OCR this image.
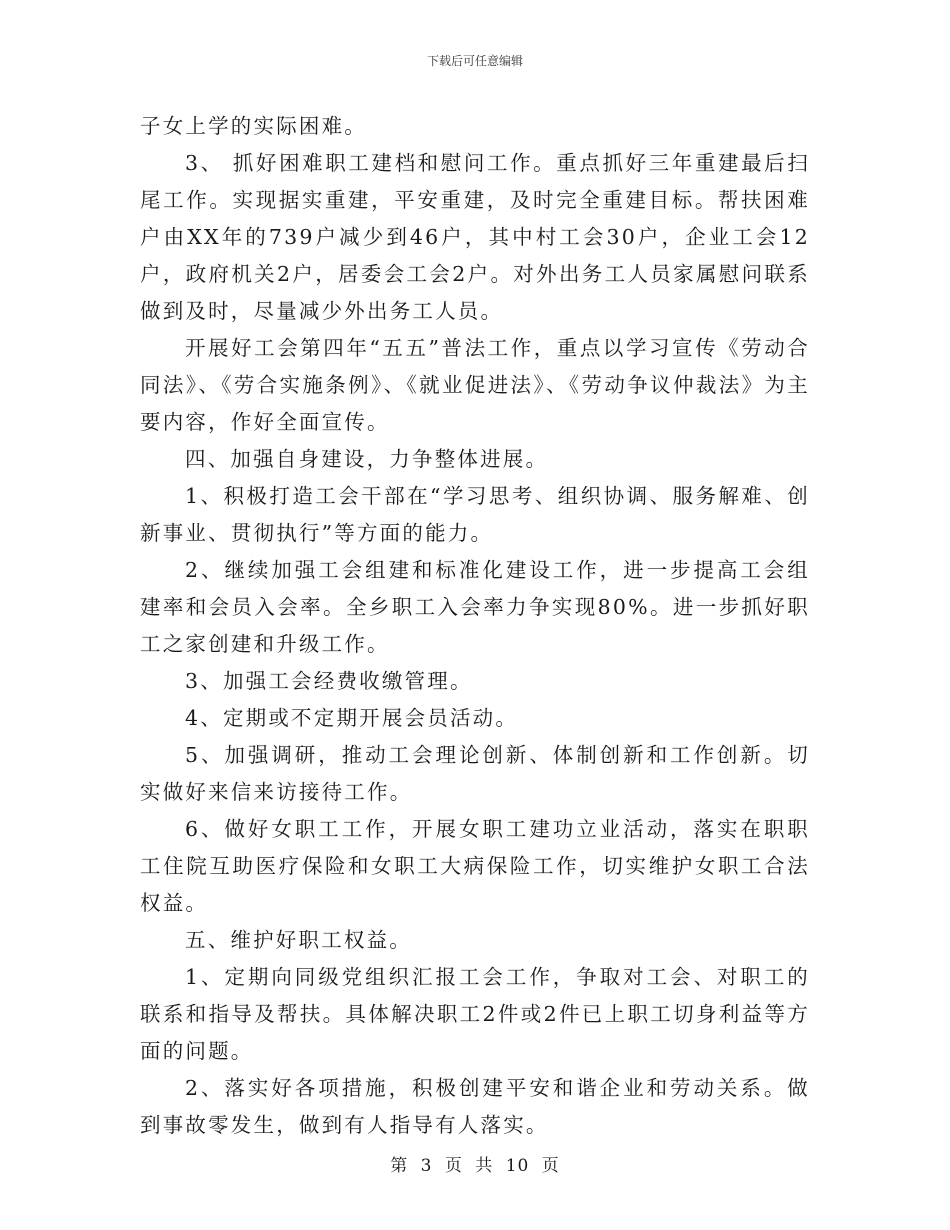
下载后可任意编辑

子女上学的实际困难。

3、 抓好困难职工建档和慰问工作。重点抓好三年重建最后扫尾工作。实现据实重建，平安重建，及时完全重建目标。帮扶困难户由XX年的739户减少到46户，其中村工会30户，企业工会12户，政府机关2户，居委会工会2户。对外出务工人员家属慰问联系做到及时，尽量减少外出务工人员。

开展好工会第四年“五五”普法工作，重点以学习宣传《劳动合同法》、《劳合实施条例》、《就业促进法》、《劳动争议仲裁法》为主要内容，作好全面宣传。

四、加强自身建设，力争整体进展。

1、积极打造工会干部在“学习思考、组织协调、服务解难、创新事业、贯彻执行”等方面的能力。

2、继续加强工会组建和标准化建设工作，进一步提高工会组建率和会员入会率。全乡职工入会率力争实现80%。进一步抓好职工之家创建和升级工作。

3、加强工会经费收缴管理。

4、定期或不定期开展会员活动。

5、加强调研，推动工会理论创新、体制创新和工作创新。切实做好来信来访接待工作。

6、做好女职工工作，开展女职工建功立业活动，落实在职职工住院互助医疗保险和女职工大病保险工作，切实维护女职工合法权益。

五、维护好职工权益。

1、定期向同级党组织汇报工会工作，争取对工会、对职工的联系和指导及帮扶。具体解决职工2件或2件已上职工切身利益等方面的问题。

2、落实好各项措施，积极创建平安和谐企业和劳动关系。做到事故零发生，做到有人指导有人落实。

第 3 页 共 10 页
